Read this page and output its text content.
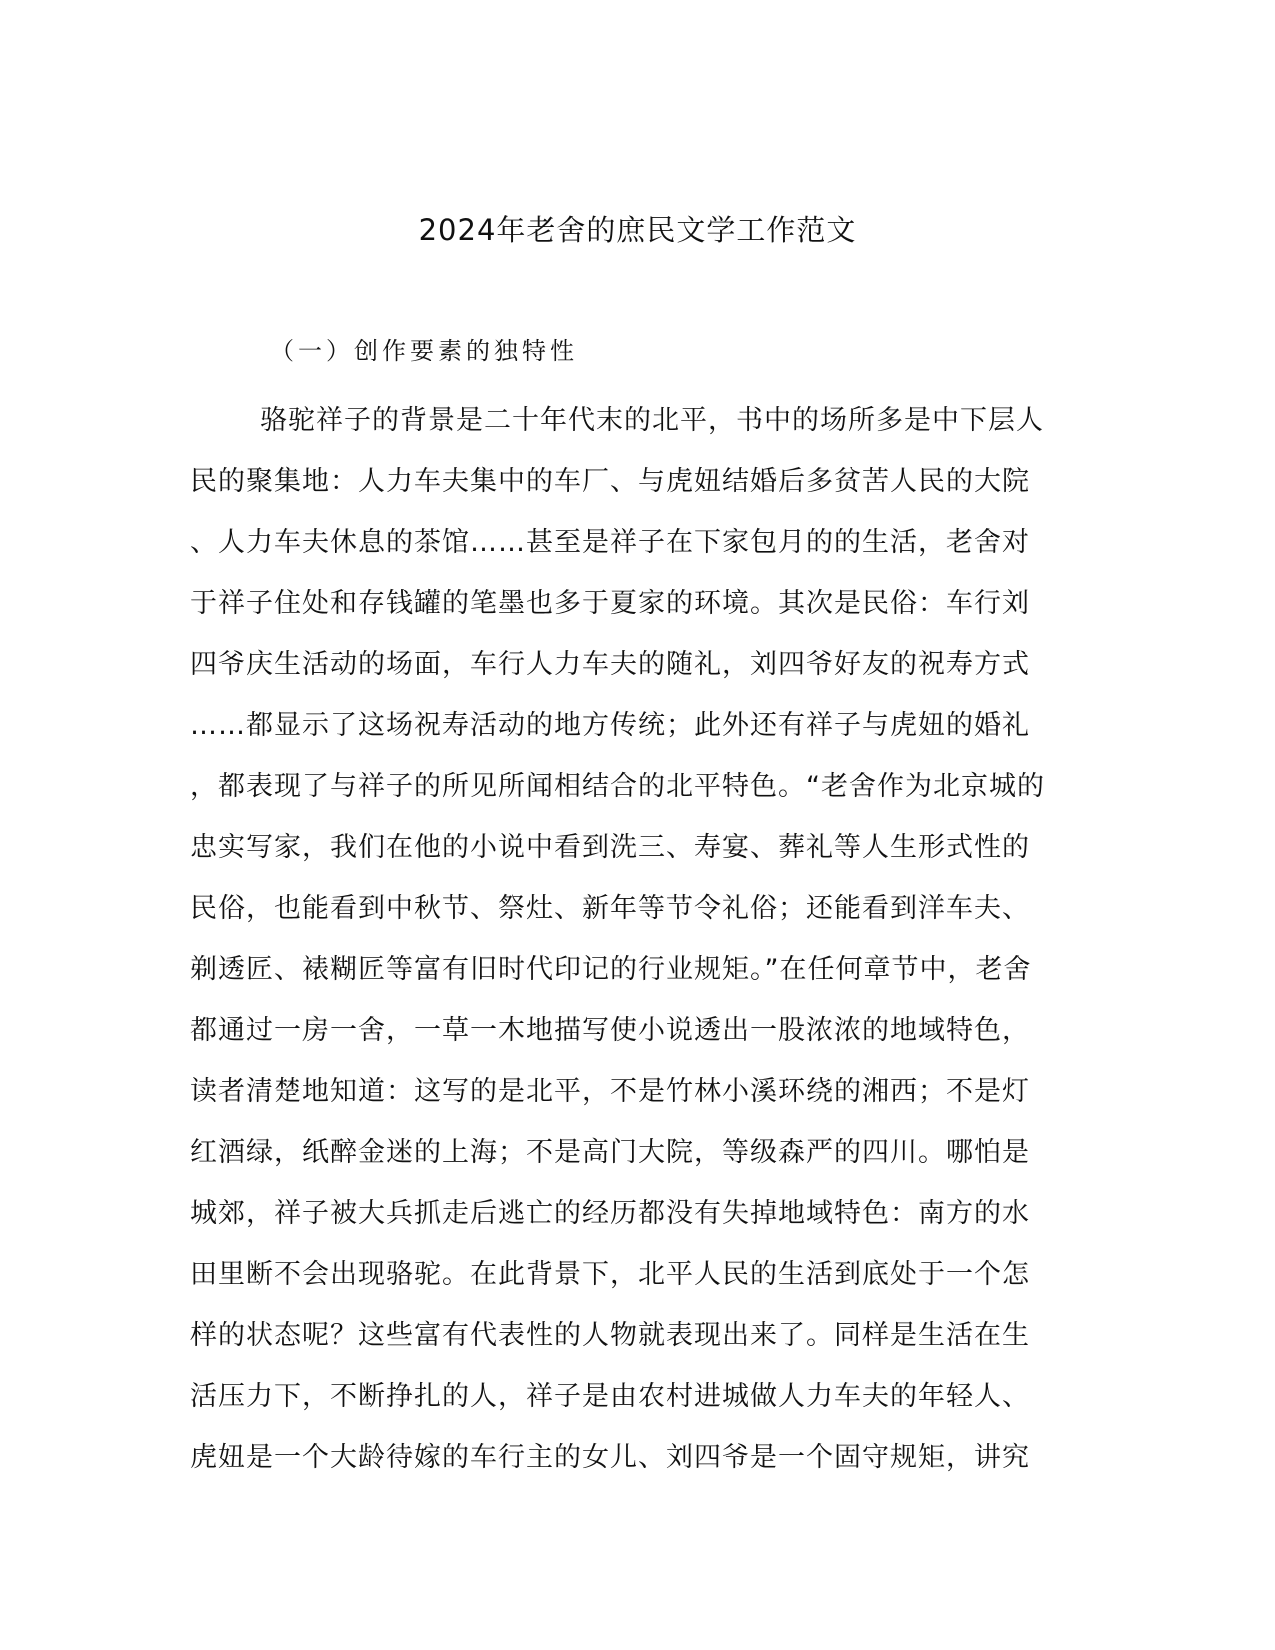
2024年老舍的庶民文学工作范文
（一）创作要素的独特性
骆驼祥子的背景是二十年代末的北平，书中的场所多是中下层人
民的聚集地：人力车夫集中的车厂、与虎妞结婚后多贫苦人民的大院
、人力车夫休息的茶馆……甚至是祥子在下家包月的的生活，老舍对
于祥子住处和存钱罐的笔墨也多于夏家的环境。其次是民俗：车行刘
四爷庆生活动的场面，车行人力车夫的随礼，刘四爷好友的祝寿方式
……都显示了这场祝寿活动的地方传统；此外还有祥子与虎妞的婚礼
，都表现了与祥子的所见所闻相结合的北平特色。“老舍作为北京城的
忠实写家，我们在他的小说中看到洗三、寿宴、葬礼等人生形式性的
民俗，也能看到中秋节、祭灶、新年等节令礼俗；还能看到洋车夫、
剃透匠、裱糊匠等富有旧时代印记的行业规矩。”在任何章节中，老舍
都通过一房一舍，一草一木地描写使小说透出一股浓浓的地域特色，
读者清楚地知道：这写的是北平，不是竹林小溪环绕的湘西；不是灯
红酒绿，纸醉金迷的上海；不是高门大院，等级森严的四川。哪怕是
城郊，祥子被大兵抓走后逃亡的经历都没有失掉地域特色：南方的水
田里断不会出现骆驼。在此背景下，北平人民的生活到底处于一个怎
样的状态呢？这些富有代表性的人物就表现出来了。同样是生活在生
活压力下，不断挣扎的人，祥子是由农村进城做人力车夫的年轻人、
虎妞是一个大龄待嫁的车行主的女儿、刘四爷是一个固守规矩，讲究
